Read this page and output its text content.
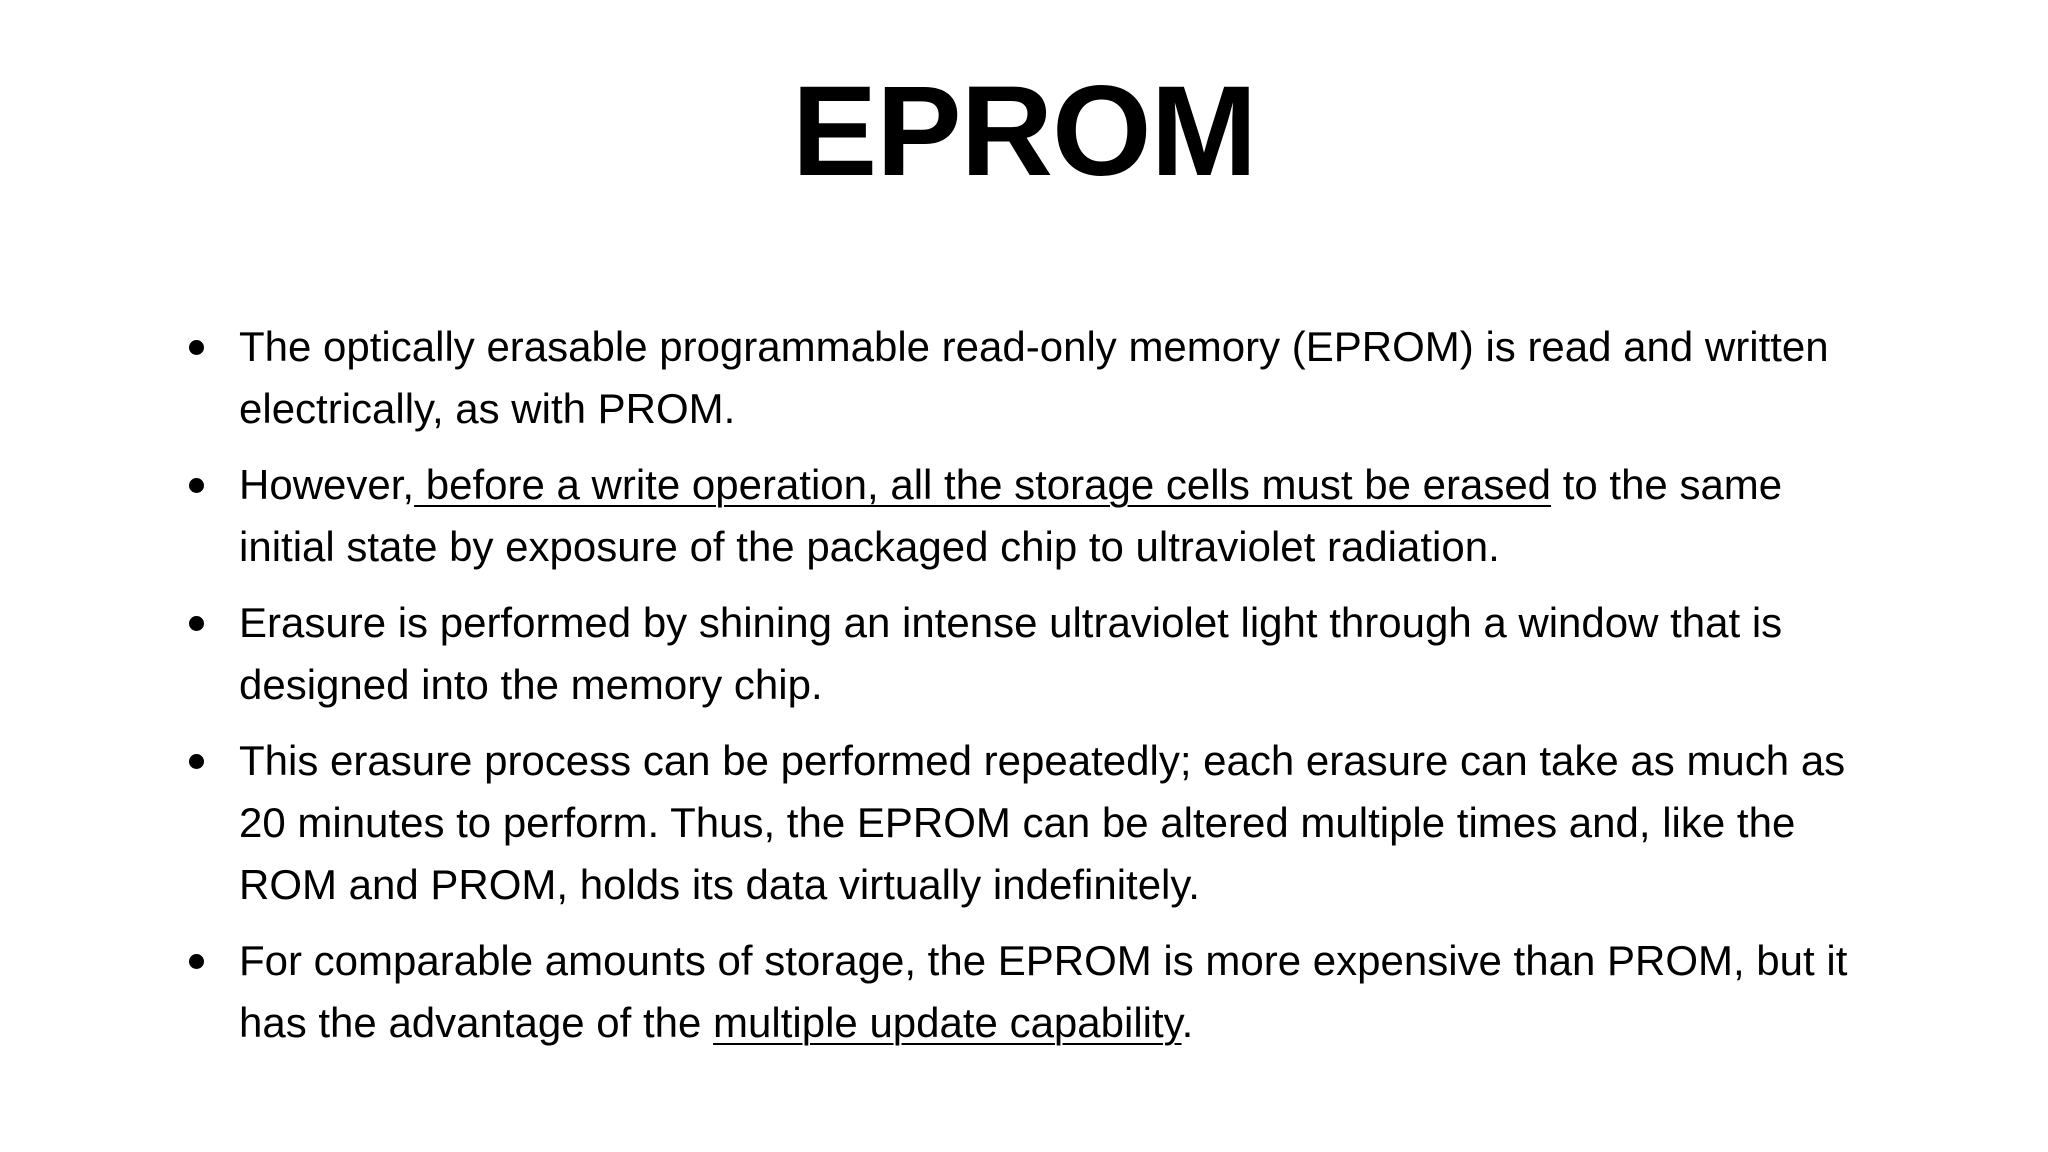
EPROM
The optically erasable programmable read-only memory (EPROM) is read and written electrically, as with PROM.
However, before a write operation, all the storage cells must be erased to the same initial state by exposure of the packaged chip to ultraviolet radiation.
Erasure is performed by shining an intense ultraviolet light through a window that is designed into the memory chip.
This erasure process can be performed repeatedly; each erasure can take as much as 20 minutes to perform. Thus, the EPROM can be altered multiple times and, like the ROM and PROM, holds its data virtually indefinitely.
For comparable amounts of storage, the EPROM is more expensive than PROM, but it has the advantage of the multiple update capability.
